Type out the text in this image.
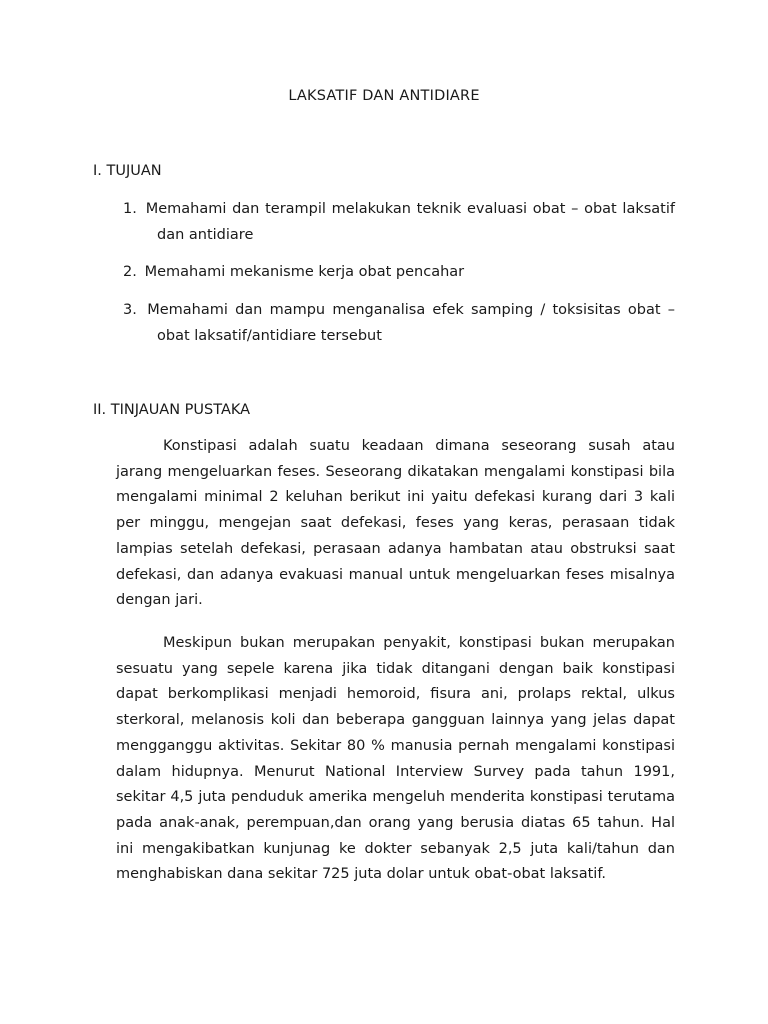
LAKSATIF DAN ANTIDIARE
I. TUJUAN
1. Memahami dan terampil melakukan teknik evaluasi obat – obat laksatif dan antidiare
2. Memahami mekanisme kerja obat pencahar
3. Memahami dan mampu menganalisa efek samping / toksisitas obat – obat laksatif/antidiare tersebut
II. TINJAUAN PUSTAKA

Konstipasi adalah suatu keadaan dimana seseorang susah atau jarang mengeluarkan feses. Seseorang dikatakan mengalami konstipasi bila mengalami minimal 2 keluhan berikut ini yaitu defekasi kurang dari 3 kali per minggu, mengejan saat defekasi, feses yang keras, perasaan tidak lampias setelah defekasi, perasaan adanya hambatan atau obstruksi saat defekasi, dan adanya evakuasi manual untuk mengeluarkan feses misalnya dengan jari.

Meskipun bukan merupakan penyakit, konstipasi bukan merupakan sesuatu yang sepele karena jika tidak ditangani dengan baik konstipasi dapat berkomplikasi menjadi hemoroid, fisura ani, prolaps rektal, ulkus sterkoral, melanosis koli dan beberapa gangguan lainnya yang jelas dapat mengganggu aktivitas. Sekitar 80 % manusia pernah mengalami konstipasi dalam hidupnya. Menurut National Interview Survey pada tahun 1991, sekitar 4,5 juta penduduk amerika mengeluh menderita konstipasi terutama pada anak-anak, perempuan,dan orang yang berusia diatas 65 tahun. Hal ini mengakibatkan kunjunag ke dokter sebanyak 2,5 juta kali/tahun dan menghabiskan dana sekitar 725 juta dolar untuk obat-obat laksatif.
